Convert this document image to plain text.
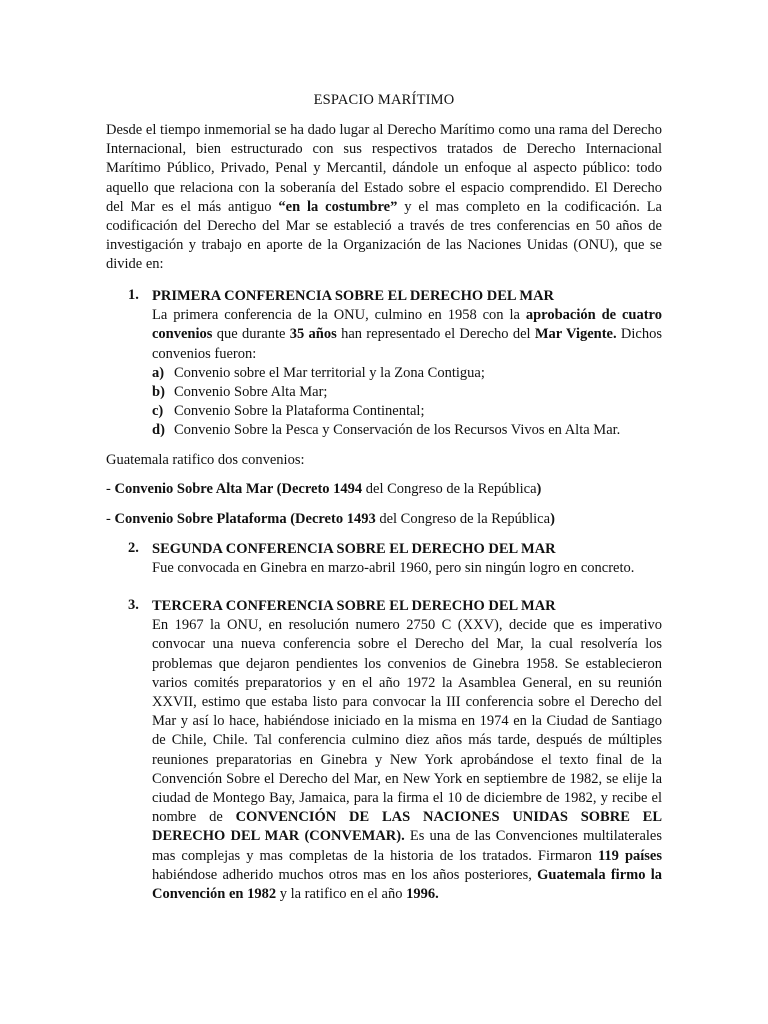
ESPACIO MARÍTIMO
Desde el tiempo inmemorial se ha dado lugar al Derecho Marítimo como una rama del Derecho Internacional, bien estructurado con sus respectivos tratados de Derecho Internacional Marítimo Público, Privado, Penal y Mercantil, dándole un enfoque al aspecto público: todo aquello que relaciona con la soberanía del Estado sobre el espacio comprendido. El Derecho del Mar es el más antiguo “en la costumbre” y el mas completo en la codificación. La codificación del Derecho del Mar se estableció a través de tres conferencias en 50 años de investigación y trabajo en aporte de la Organización de las Naciones Unidas (ONU), que se divide en:
1. PRIMERA CONFERENCIA SOBRE EL DERECHO DEL MAR
La primera conferencia de la ONU, culmino en 1958 con la aprobación de cuatro convenios que durante 35 años han representado el Derecho del Mar Vigente. Dichos convenios fueron:
a) Convenio sobre el Mar territorial y la Zona Contigua;
b) Convenio Sobre Alta Mar;
c) Convenio Sobre la Plataforma Continental;
d) Convenio Sobre la Pesca y Conservación de los Recursos Vivos en Alta Mar.
Guatemala ratifico dos convenios:
- Convenio Sobre Alta Mar (Decreto 1494 del Congreso de la República)
- Convenio Sobre Plataforma (Decreto 1493 del Congreso de la República)
2. SEGUNDA CONFERENCIA SOBRE EL DERECHO DEL MAR
Fue convocada en Ginebra en marzo-abril 1960, pero sin ningún logro en concreto.
3. TERCERA CONFERENCIA SOBRE EL DERECHO DEL MAR
En 1967 la ONU, en resolución numero 2750 C (XXV), decide que es imperativo convocar una nueva conferencia sobre el Derecho del Mar, la cual resolvería los problemas que dejaron pendientes los convenios de Ginebra 1958. Se establecieron varios comités preparatorios y en el año 1972 la Asamblea General, en su reunión XXVII, estimo que estaba listo para convocar la III conferencia sobre el Derecho del Mar y así lo hace, habiéndose iniciado en la misma en 1974 en la Ciudad de Santiago de Chile, Chile. Tal conferencia culmino diez años más tarde, después de múltiples reuniones preparatorias en Ginebra y New York aprobándose el texto final de la Convención Sobre el Derecho del Mar, en New York en septiembre de 1982, se elije la ciudad de Montego Bay, Jamaica, para la firma el 10 de diciembre de 1982, y recibe el nombre de CONVENCIÓN DE LAS NACIONES UNIDAS SOBRE EL DERECHO DEL MAR (CONVEMAR). Es una de las Convenciones multilaterales mas complejas y mas completas de la historia de los tratados. Firmaron 119 países habiéndose adherido muchos otros mas en los años posteriores, Guatemala firmo la Convención en 1982 y la ratifico en el año 1996.
